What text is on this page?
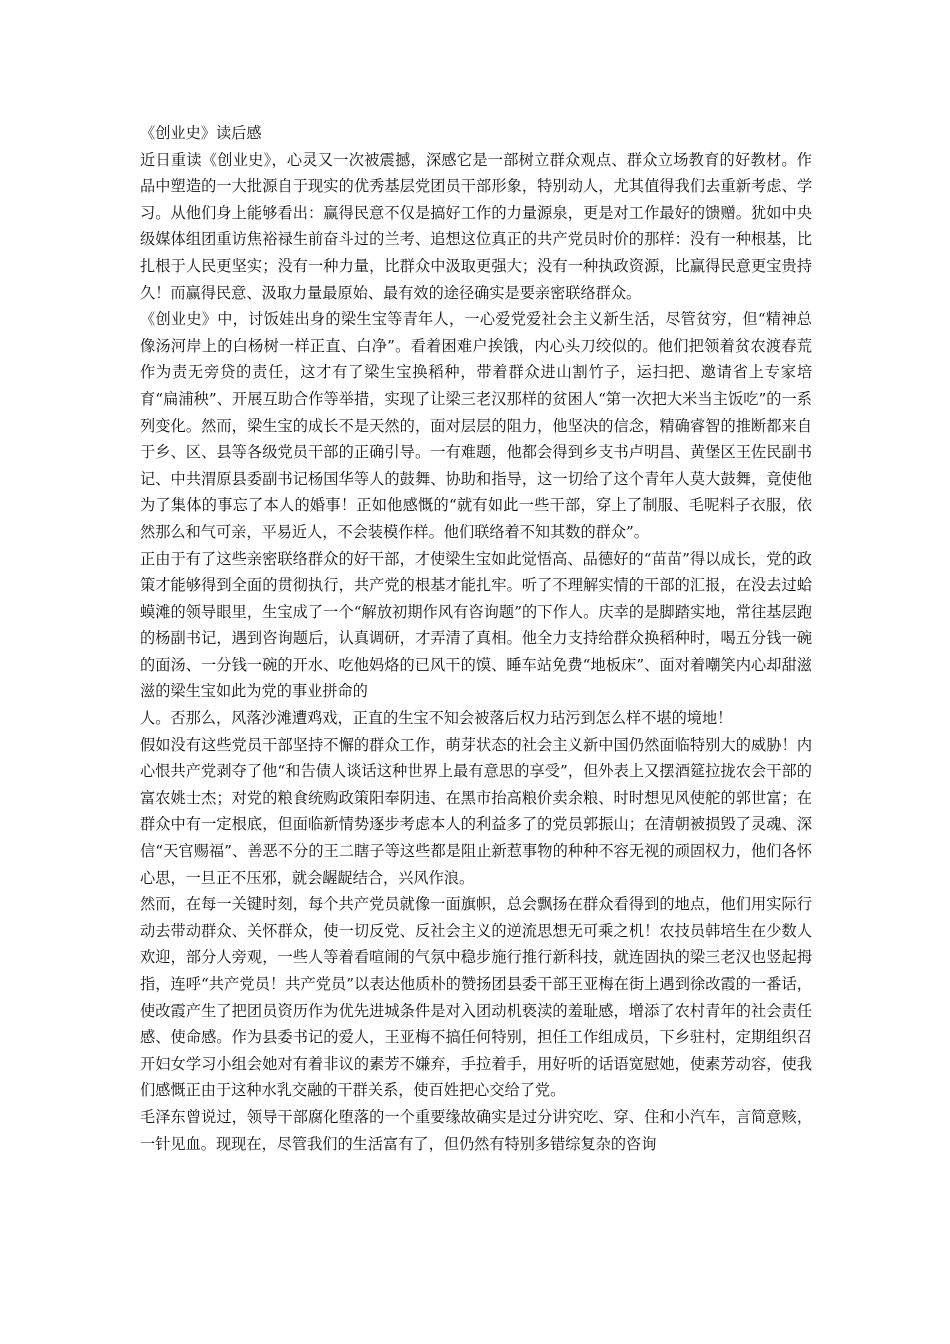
《创业史》读后感

近日重读《创业史》，心灵又一次被震撼，深感它是一部树立群众观点、群众立场教育的好教材。作品中塑造的一大批源自于现实的优秀基层党团员干部形象，特别动人，尤其值得我们去重新考虑、学习。从他们身上能够看出：赢得民意不仅是搞好工作的力量源泉，更是对工作最好的馈赠。犹如中央级媒体组团重访焦裕禄生前奋斗过的兰考、追想这位真正的共产党员时价的那样：没有一种根基，比扎根于人民更坚实；没有一种力量，比群众中汲取更强大；没有一种执政资源，比赢得民意更宝贵持久！而赢得民意、汲取力量最原始、最有效的途径确实是要亲密联络群众。

《创业史》中，讨饭娃出身的梁生宝等青年人，一心爱党爱社会主义新生活，尽管贫穷，但“精神总像汤河岸上的白杨树一样正直、白净”。看着困难户挨饿，内心头刀绞似的。他们把领着贫农渡春荒作为责无旁贷的责任，这才有了梁生宝换稻种，带着群众进山割竹子，运扫把、邀请省上专家培育“扁浦秧”、开展互助合作等举措，实现了让梁三老汉那样的贫困人“第一次把大米当主饭吃”的一系列变化。然而，梁生宝的成长不是天然的，面对层层的阻力，他坚决的信念，精确睿智的推断都来自于乡、区、县等各级党员干部的正确引导。一有难题，他都会得到乡支书卢明昌、黄堡区王佐民副书记、中共渭原县委副书记杨国华等人的鼓舞、协助和指导，这一切给了这个青年人莫大鼓舞，竟使他为了集体的事忘了本人的婚事！正如他感慨的“就有如此一些干部，穿上了制服、毛呢料子衣服，依然那么和气可亲，平易近人，不会装模作样。他们联络着不知其数的群众”。

正由于有了这些亲密联络群众的好干部，才使梁生宝如此觉悟高、品德好的“苗苗”得以成长，党的政策才能够得到全面的贯彻执行，共产党的根基才能扎牢。听了不理解实情的干部的汇报，在没去过蛤蟆滩的领导眼里，生宝成了一个“解放初期作风有咨询题”的下作人。庆幸的是脚踏实地，常往基层跑的杨副书记，遇到咨询题后，认真调研，才弄清了真相。他全力支持给群众换稻种时，喝五分钱一碗的面汤、一分钱一碗的开水、吃他妈烙的已风干的馍、睡车站免费“地板床”、面对着嘲笑内心却甜滋滋的梁生宝如此为党的事业拼命的

人。否那么，风落沙滩遭鸡戏，正直的生宝不知会被落后权力玷污到怎么样不堪的境地！

假如没有这些党员干部坚持不懈的群众工作，萌芽状态的社会主义新中国仍然面临特别大的威胁！内心恨共产党剥夺了他“和告债人谈话这种世界上最有意思的享受”，但外表上又摆酒筵拉拢农会干部的富农姚士杰；对党的粮食统购政策阳奉阴违、在黑市抬高粮价卖余粮、时时想见风使舵的郭世富；在群众中有一定根底，但面临新情势逐步考虑本人的利益多了的党员郭振山；在清朝被损毁了灵魂、深信“天官赐福”、善恶不分的王二瞎子等这些都是阻止新惹事物的种种不容无视的顽固权力，他们各怀心思，一旦正不压邪，就会龌龊结合，兴风作浪。

然而，在每一关键时刻，每个共产党员就像一面旗帜，总会飘扬在群众看得到的地点，他们用实际行动去带动群众、关怀群众，使一切反党、反社会主义的逆流思想无可乘之机！农技员韩培生在少数人欢迎，部分人旁观，一些人等着看喧闹的气氛中稳步施行推行新科技，就连固执的梁三老汉也竖起拇指，连呼“共产党员！共产党员”以表达他质朴的赞扬团县委干部王亚梅在街上遇到徐改霞的一番话，使改霞产生了把团员资历作为优先进城条件是对入团动机亵渎的羞耻感，增添了农村青年的社会责任感、使命感。作为县委书记的爱人，王亚梅不搞任何特别，担任工作组成员，下乡驻村，定期组织召开妇女学习小组会她对有着非议的素芳不嫌弃，手拉着手，用好听的话语宽慰她，使素芳动容，使我们感慨正由于这种水乳交融的干群关系，使百姓把心交给了党。

毛泽东曾说过，领导干部腐化堕落的一个重要缘故确实是过分讲究吃、穿、住和小汽车，言简意赅，一针见血。现现在，尽管我们的生活富有了，但仍然有特别多错综复杂的咨询
